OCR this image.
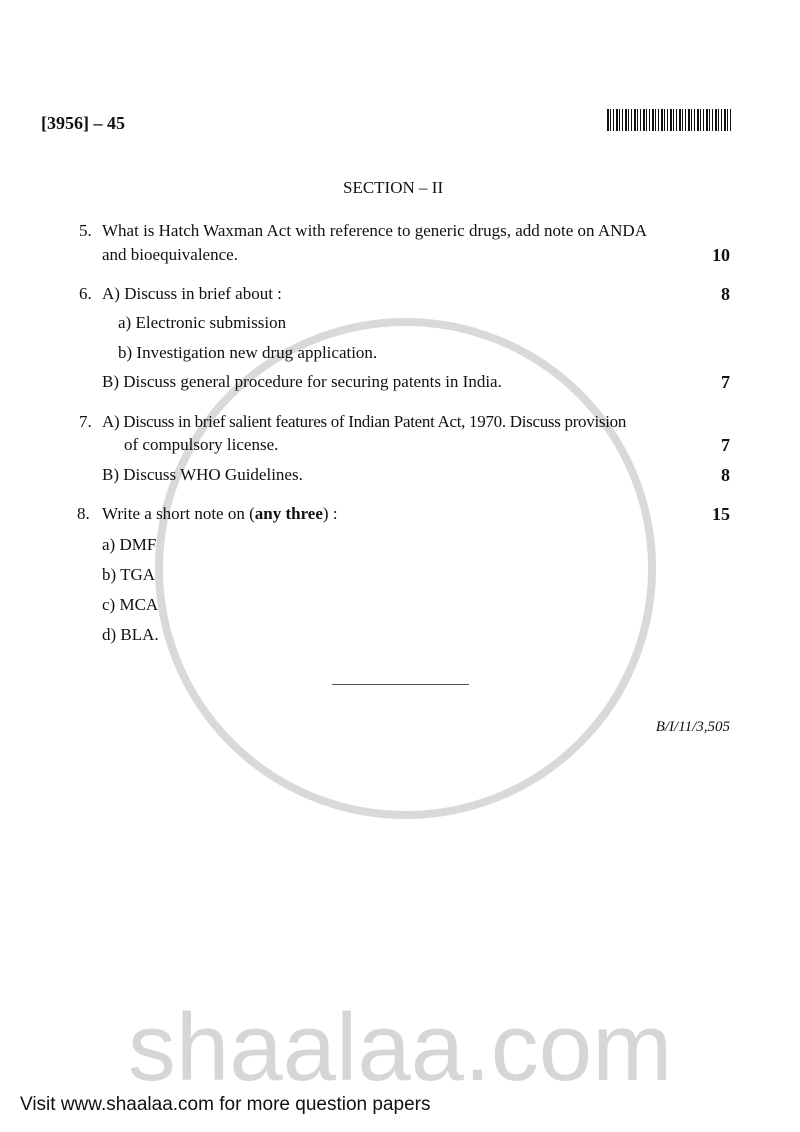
shaalaa.com
[3956] – 45
SECTION – II
5. What is Hatch Waxman Act with reference to generic drugs, add note on ANDA
and bioequivalence.	10
6. A) Discuss in brief about :	8
a) Electronic submission
b) Investigation new drug application.
B) Discuss general procedure for securing patents in India.	7
7. A) Discuss in brief salient features of Indian Patent Act, 1970. Discuss provision
of compulsory license.	7
B) Discuss WHO Guidelines.	8
8. Write a short note on (any three) :	15
a) DMF
b) TGA
c) MCA
d) BLA.
B/I/11/3,505
Visit www.shaalaa.com for more question papers
